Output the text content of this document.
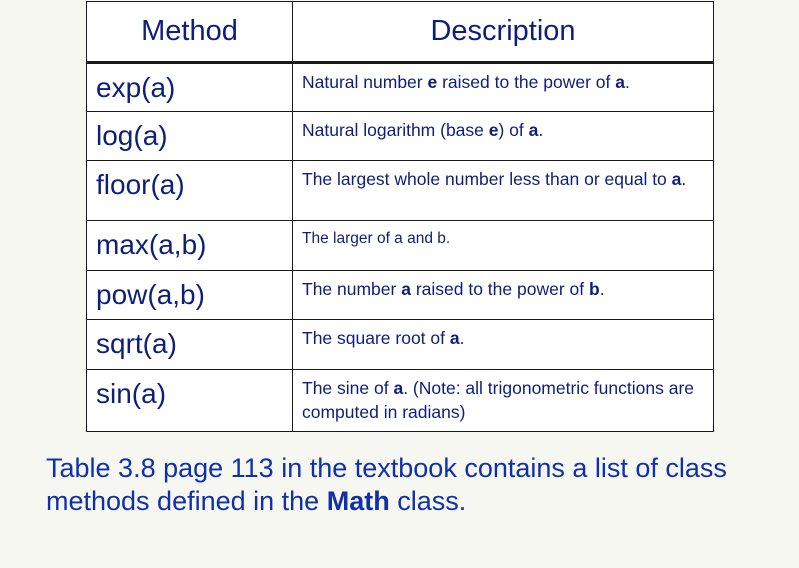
Method	Description
exp(a)	Natural number e raised to the power of a.
log(a)	Natural logarithm (base e) of a.
floor(a)	The largest whole number less than or equal to a.
max(a,b)	The larger of a and b.
pow(a,b)	The number a raised to the power of b.
sqrt(a)	The square root of a.
sin(a)	The sine of a. (Note: all trigonometric functions are computed in radians)
Table 3.8 page 113 in the textbook contains a list of class methods defined in the Math class.
